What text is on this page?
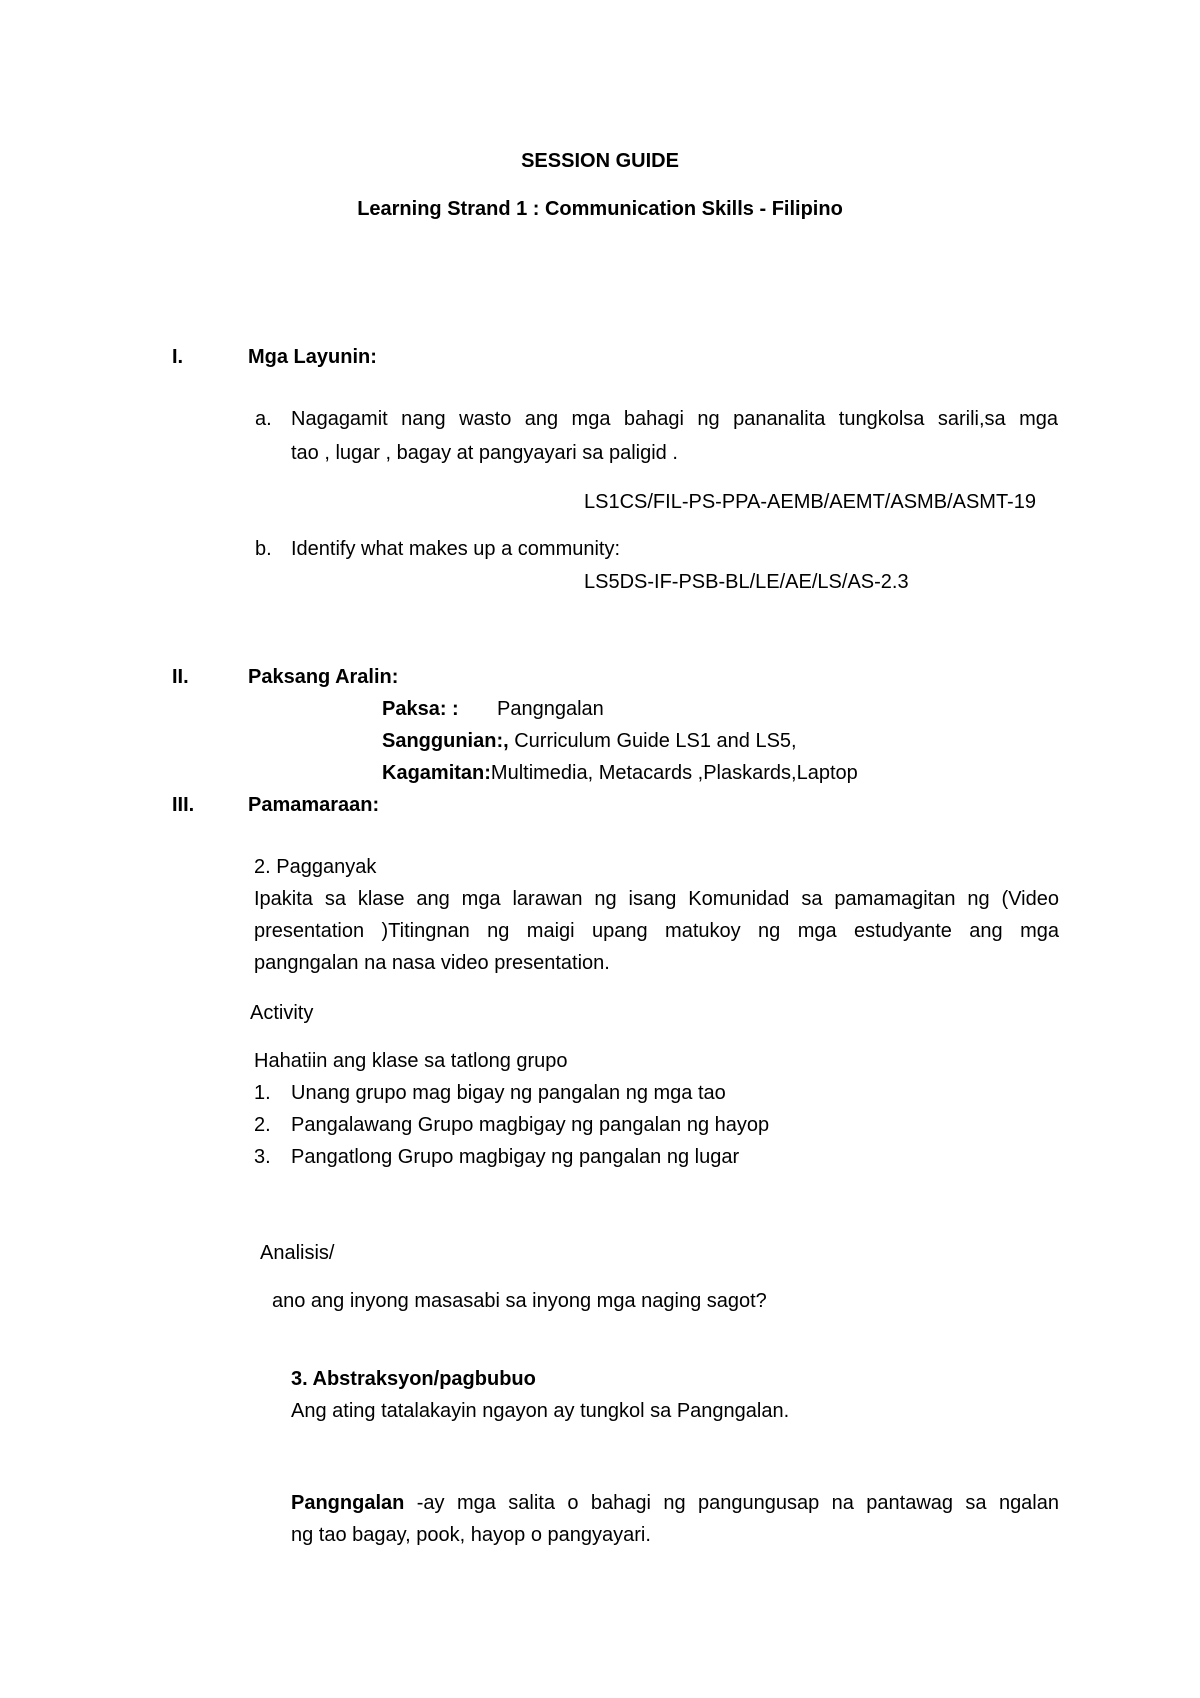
SESSION GUIDE
Learning Strand 1 : Communication Skills - Filipino
I.	Mga Layunin:
a. Nagagamit nang wasto ang mga bahagi ng pananalita tungkolsa sarili,sa mga
tao , lugar , bagay at pangyayari sa paligid .
LS1CS/FIL-PS-PPA-AEMB/AEMT/ASMB/ASMT-19
b. Identify what makes up a community:
LS5DS-IF-PSB-BL/LE/AE/LS/AS-2.3
II.	Paksang Aralin:
Paksa: : Pangngalan
Sanggunian:, Curriculum Guide LS1 and LS5,
Kagamitan:Multimedia, Metacards ,Plaskards,Laptop
III.	Pamamaraan:
2. Pagganyak
Ipakita sa klase ang mga larawan ng isang Komunidad sa pamamagitan ng (Video
presentation )Titingnan ng maigi upang matukoy ng mga estudyante ang mga
pangngalan na nasa video presentation.
Activity
Hahatiin ang klase sa tatlong grupo
1. Unang grupo mag bigay ng pangalan ng mga tao
2. Pangalawang Grupo magbigay ng pangalan ng hayop
3. Pangatlong Grupo magbigay ng pangalan ng lugar
Analisis/
ano ang inyong masasabi sa inyong mga naging sagot?
3. Abstraksyon/pagbubuo
Ang ating tatalakayin ngayon ay tungkol sa Pangngalan.
Pangngalan -ay mga salita o bahagi ng pangungusap na pantawag sa ngalan
ng tao bagay, pook, hayop o pangyayari.
